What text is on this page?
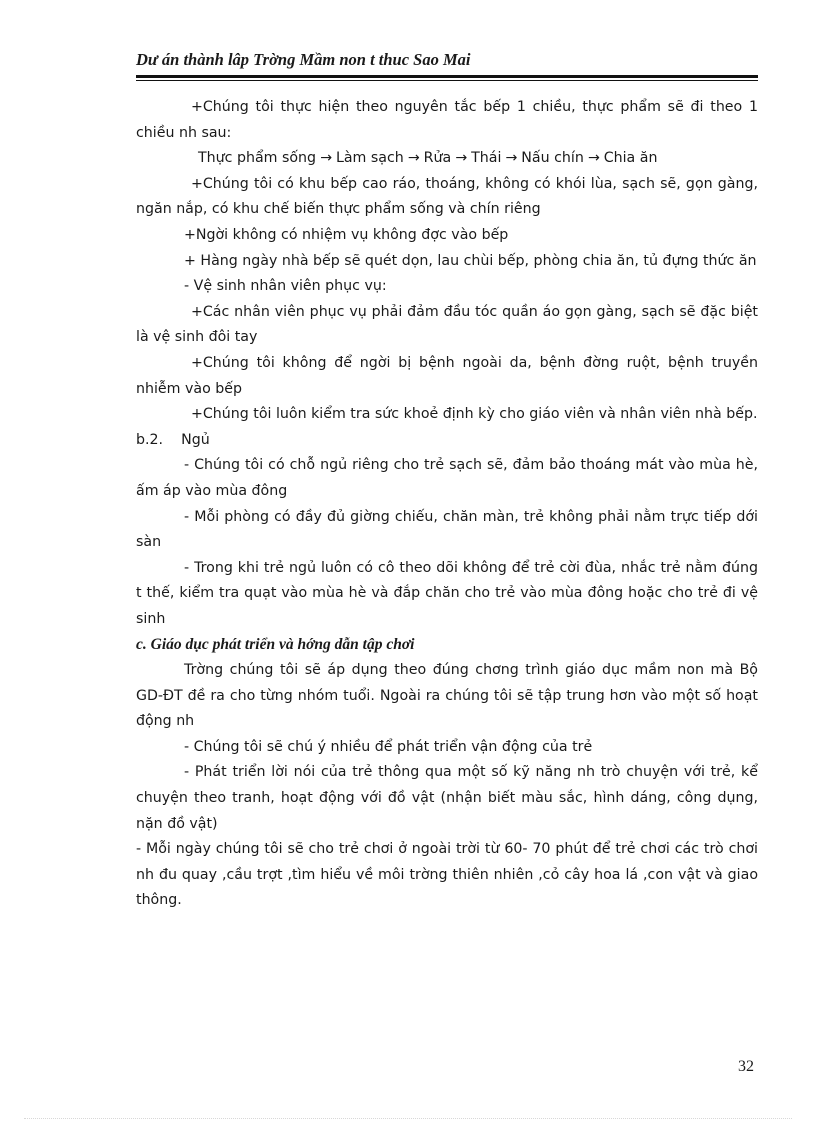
Dư án thành lâp Trờng Mầm non t thuc Sao Mai

+Chúng tôi thực hiện theo nguyên tắc bếp 1 chiều, thực phẩm sẽ đi theo 1 chiều nh sau:

Thực phẩm sống → Làm sạch → Rửa → Thái → Nấu chín → Chia ăn

+Chúng tôi có khu bếp cao ráo, thoáng, không có khói lùa, sạch sẽ, gọn gàng, ngăn nắp, có khu chế biến thực phẩm sống và chín riêng

+Ngời không có nhiệm vụ không đợc vào bếp

+ Hàng ngày nhà bếp sẽ quét dọn, lau chùi bếp, phòng chia ăn, tủ đựng thức ăn

- Vệ sinh nhân viên phục vụ:

+Các nhân viên phục vụ phải đảm đầu tóc quần áo gọn gàng, sạch sẽ đặc biệt là vệ sinh đôi tay

+Chúng tôi không để ngời bị bệnh ngoài da, bệnh đờng ruột, bệnh truyền nhiễm vào bếp

+Chúng tôi luôn kiểm tra sức khoẻ định kỳ cho giáo viên và nhân viên nhà bếp.

b.2.    Ngủ

- Chúng tôi có chỗ ngủ riêng cho trẻ sạch sẽ, đảm bảo thoáng mát vào mùa hè, ấm áp vào mùa đông

- Mỗi phòng có đầy đủ giờng chiếu, chăn màn, trẻ không phải nằm trực tiếp dới sàn

- Trong khi trẻ ngủ luôn có cô theo dõi không để trẻ cời đùa, nhắc trẻ nằm đúng t thế, kiểm tra quạt vào mùa hè và đắp chăn cho trẻ vào mùa đông hoặc cho trẻ đi vệ sinh

c. Giáo dục phát triển và hớng dẫn tập chơi

Trờng chúng tôi sẽ áp dụng theo đúng chơng trình giáo dục mầm non mà Bộ GD-ĐT đề ra cho từng nhóm tuổi. Ngoài ra chúng tôi sẽ tập trung hơn vào một số hoạt động nh

- Chúng tôi sẽ chú ý nhiều để phát triển vận động của trẻ

- Phát triển lời nói của trẻ thông qua một số kỹ năng nh trò chuyện với trẻ, kể chuyện theo tranh, hoạt động với đồ vật (nhận biết màu sắc, hình dáng, công dụng, nặn đồ vật)

- Mỗi ngày chúng tôi sẽ cho trẻ chơi ở ngoài trời từ 60- 70 phút để trẻ chơi các trò chơi nh đu quay ,cầu trợt ,tìm hiểu về môi trờng thiên nhiên ,cỏ cây hoa lá ,con vật và giao thông.

32
